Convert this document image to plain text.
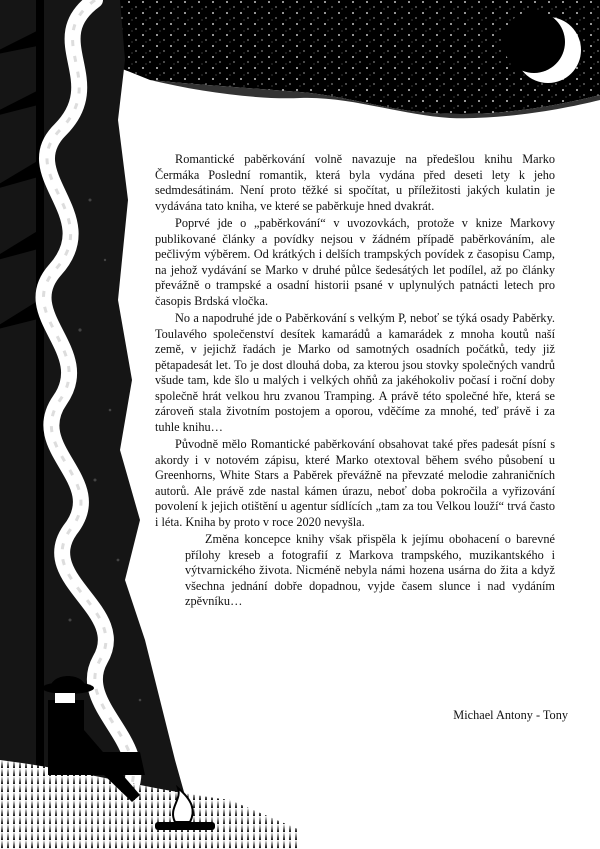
Romantické paběrkování volně navazuje na předešlou knihu Marko Čermáka Poslední romantik, která byla vydána před deseti lety k jeho sedmdesátinám. Není proto těžké si spočítat, u příležitosti jakých kulatin je vydávána tato kniha, ve které se paběrkuje hned dvakrát.

Poprvé jde o „paběrkování“ v uvozovkách, protože v knize Markovy publikované články a povídky nejsou v žádném případě paběrkováním, ale pečlivým výběrem. Od krátkých i delších trampských povídek z časopisu Camp, na jehož vydávání se Marko v druhé půlce šedesátých let podílel, až po články převážně o trampské a osadní historii psané v uplynulých patnácti letech pro časopis Brdská vločka.

No a napodruhé jde o Paběrkování s velkým P, neboť se týká osady Paběrky. Toulavého společenství desítek kamarádů a kamarádek z mnoha koutů naší země, v jejichž řadách je Marko od samotných osadních počátků, tedy již pětapadesát let. To je dost dlouhá doba, za kterou jsou stovky společných vandrů všude tam, kde šlo u malých i velkých ohňů za jakéhokoliv počasí i roční doby společně hrát velkou hru zvanou Tramping. A právě této společné hře, která se zároveň stala životním postojem a oporou, vděčíme za mnohé, teď právě i za tuhle knihu…

Původně mělo Romantické paběrkování obsahovat také přes padesát písní s akordy i v notovém zápisu, které Marko otextoval během svého působení u Greenhorns, White Stars a Paběrek převážně na převzaté melodie zahraničních autorů. Ale právě zde nastal kámen úrazu, neboť doba pokročila a vyřizování povolení k jejich otištění u agentur sídlících „tam za tou Velkou louží“ trvá často i léta. Kniha by proto v roce 2020 nevyšla.

Změna koncepce knihy však přispěla k jejímu obohacení o barevné přílohy kreseb a fotografií z Markova trampského, muzikantského i výtvarnického života. Nicméně nebyla námi hozena usárna do žita a když všechna jednání dobře dopadnou, vyjde časem slunce i nad vydáním zpěvníku…

Michael Antony - Tony
